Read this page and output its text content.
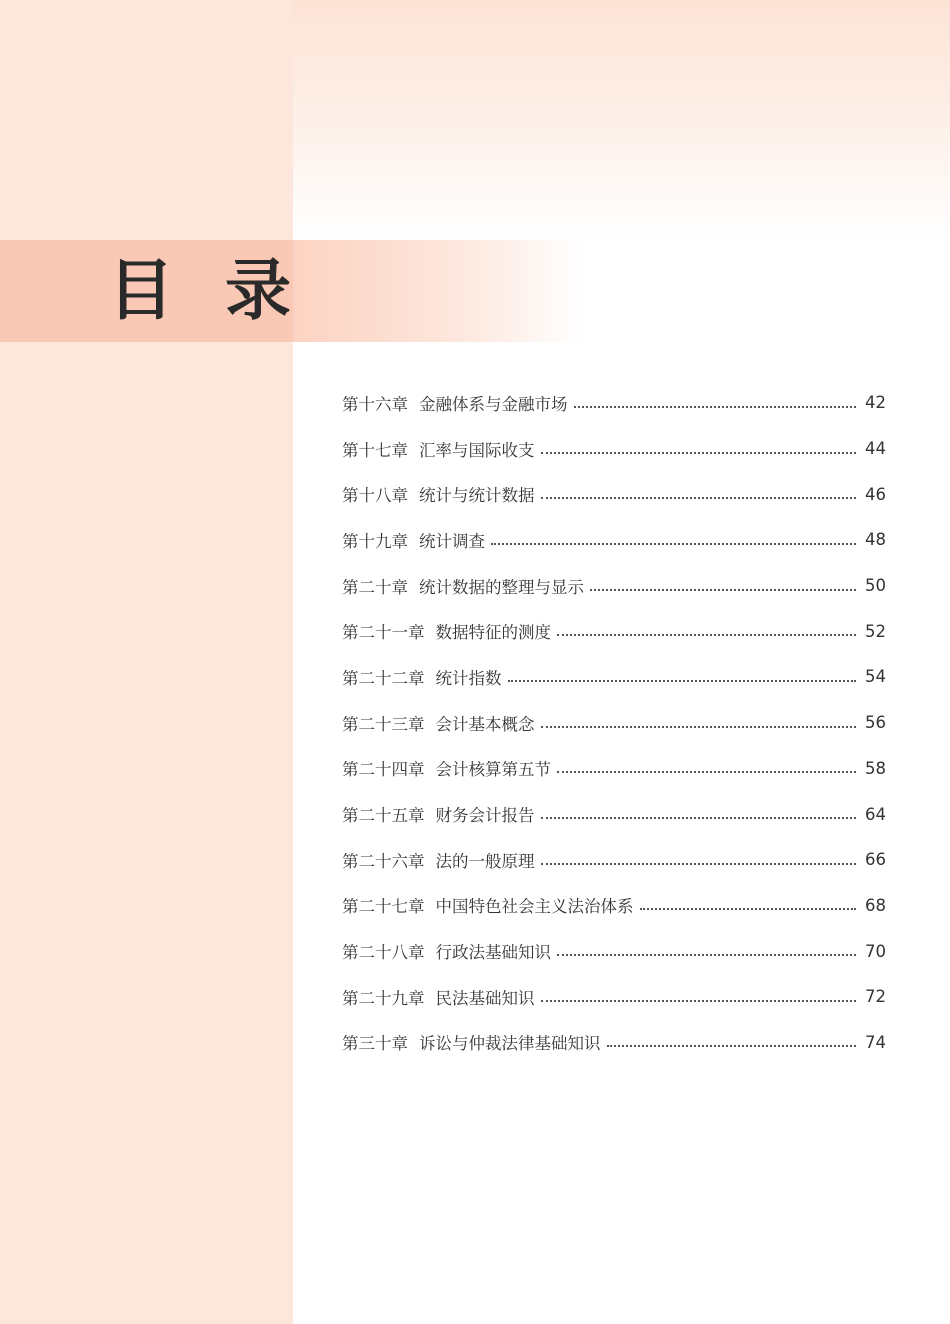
目 录
第十六章 金融体系与金融市场	42
第十七章 汇率与国际收支	44
第十八章 统计与统计数据	46
第十九章 统计调查	48
第二十章 统计数据的整理与显示	50
第二十一章 数据特征的测度	52
第二十二章 统计指数	54
第二十三章 会计基本概念	56
第二十四章 会计核算第五节	58
第二十五章 财务会计报告	64
第二十六章 法的一般原理	66
第二十七章 中国特色社会主义法治体系	68
第二十八章 行政法基础知识	70
第二十九章 民法基础知识	72
第三十章 诉讼与仲裁法律基础知识	74
